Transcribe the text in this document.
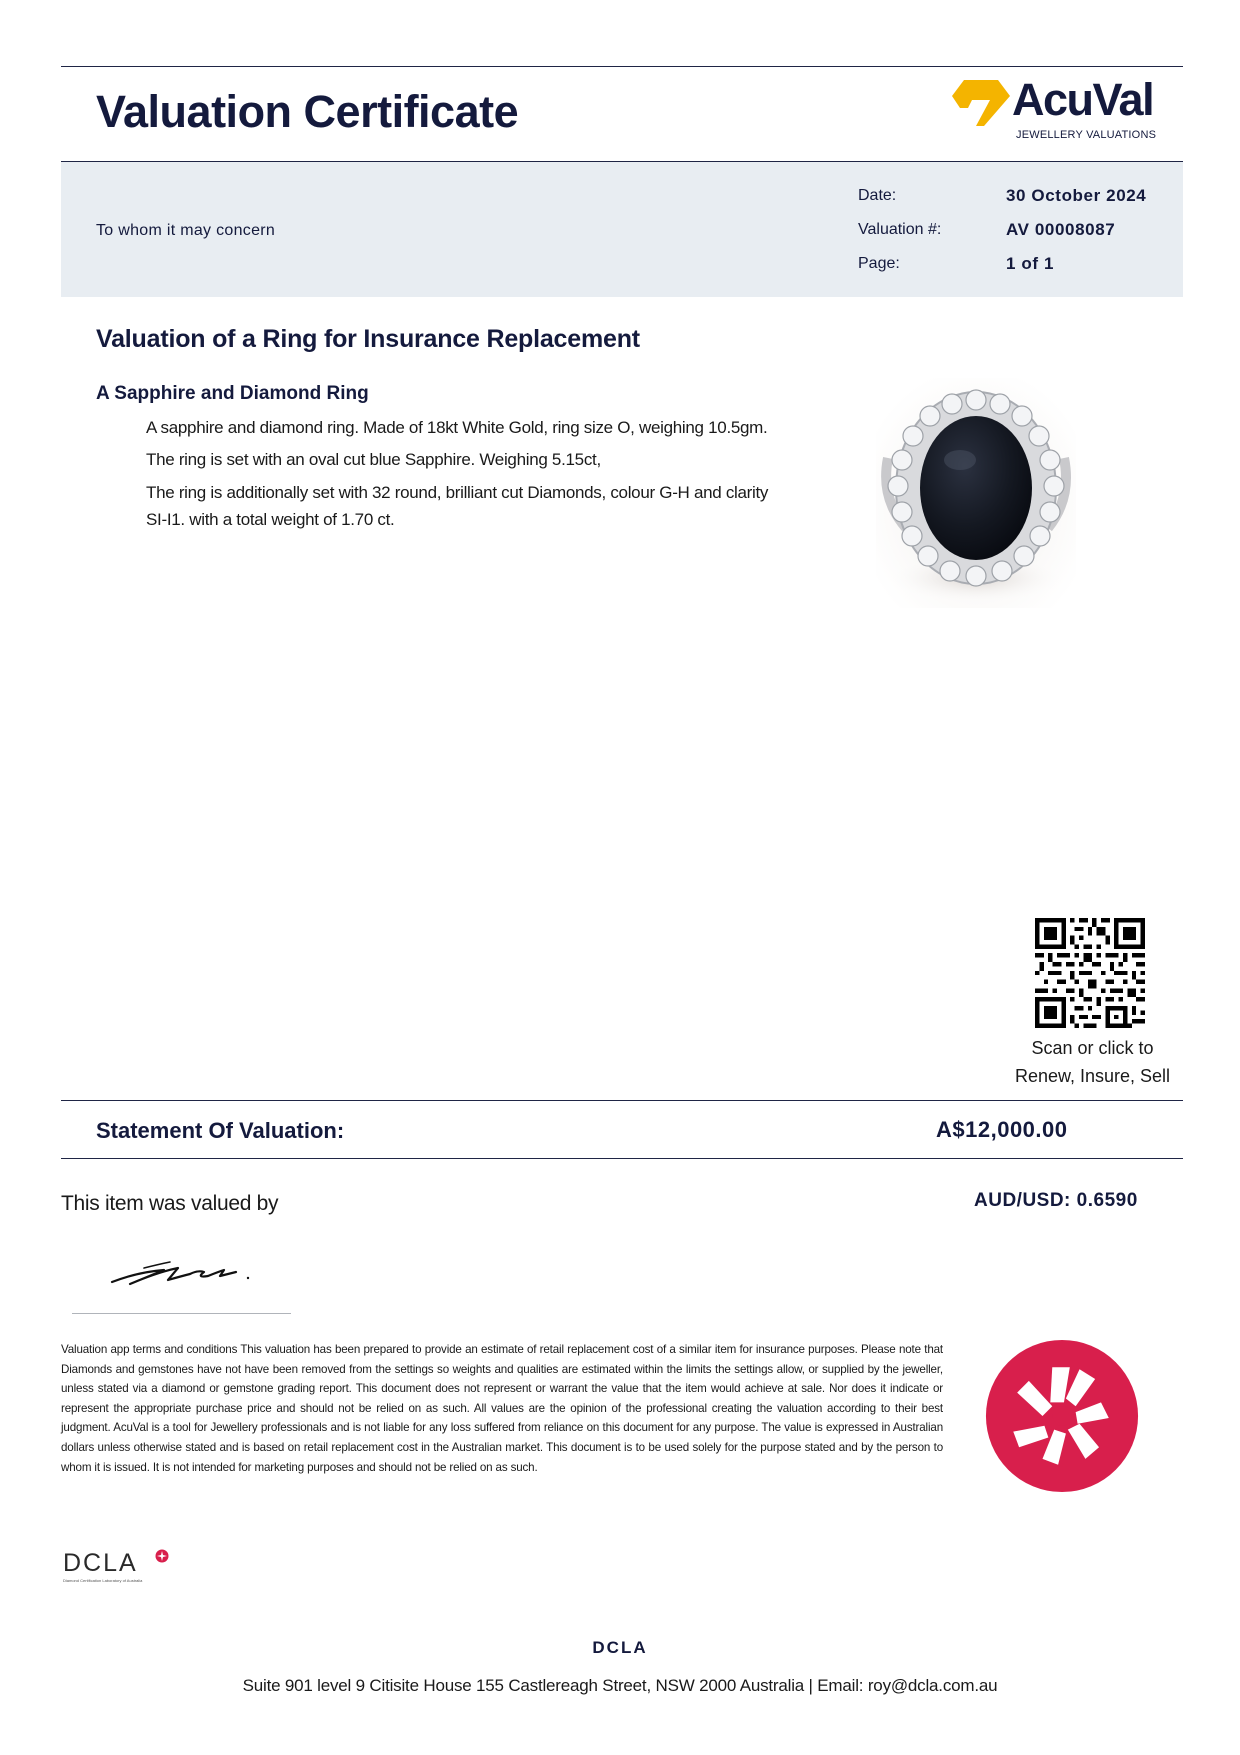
Valuation Certificate	AcuVal
JEWELLERY VALUATIONS
To whom it may concern
Date:	30 October 2024
Valuation #:	AV 00008087
Page:	1 of 1
Valuation of a Ring for Insurance Replacement
A Sapphire and Diamond Ring
A sapphire and diamond ring. Made of 18kt White Gold, ring size O, weighing 10.5gm.
The ring is set with an oval cut blue Sapphire. Weighing 5.15ct,
The ring is additionally set with 32 round, brilliant cut Diamonds, colour G-H and clarity
SI-I1. with a total weight of 1.70 ct.
Scan or click to
Renew, Insure, Sell
Statement Of Valuation:	A$12,000.00
This item was valued by	AUD/USD: 0.6590
Valuation app terms and conditions This valuation has been prepared to provide an estimate of retail replacement cost of a similar item for insurance purposes. Please note that Diamonds and gemstones have not have been removed from the settings so weights and qualities are estimated within the limits the settings allow, or supplied by the jeweller, unless stated via a diamond or gemstone grading report. This document does not represent or warrant the value that the item would achieve at sale. Nor does it indicate or represent the appropriate purchase price and should not be relied on as such. All values are the opinion of the professional creating the valuation according to their best judgment. AcuVal is a tool for Jewellery professionals and is not liable for any loss suffered from reliance on this document for any purpose. The value is expressed in Australian dollars unless otherwise stated and is based on retail replacement cost in the Australian market. This document is to be used solely for the purpose stated and by the person to whom it is issued. It is not intended for marketing purposes and should not be relied on as such.
DCLA
Diamond Certification Laboratory of Australia
DCLA
Suite 901 level 9 Citisite House 155 Castlereagh Street, NSW 2000 Australia | Email: roy@dcla.com.au
